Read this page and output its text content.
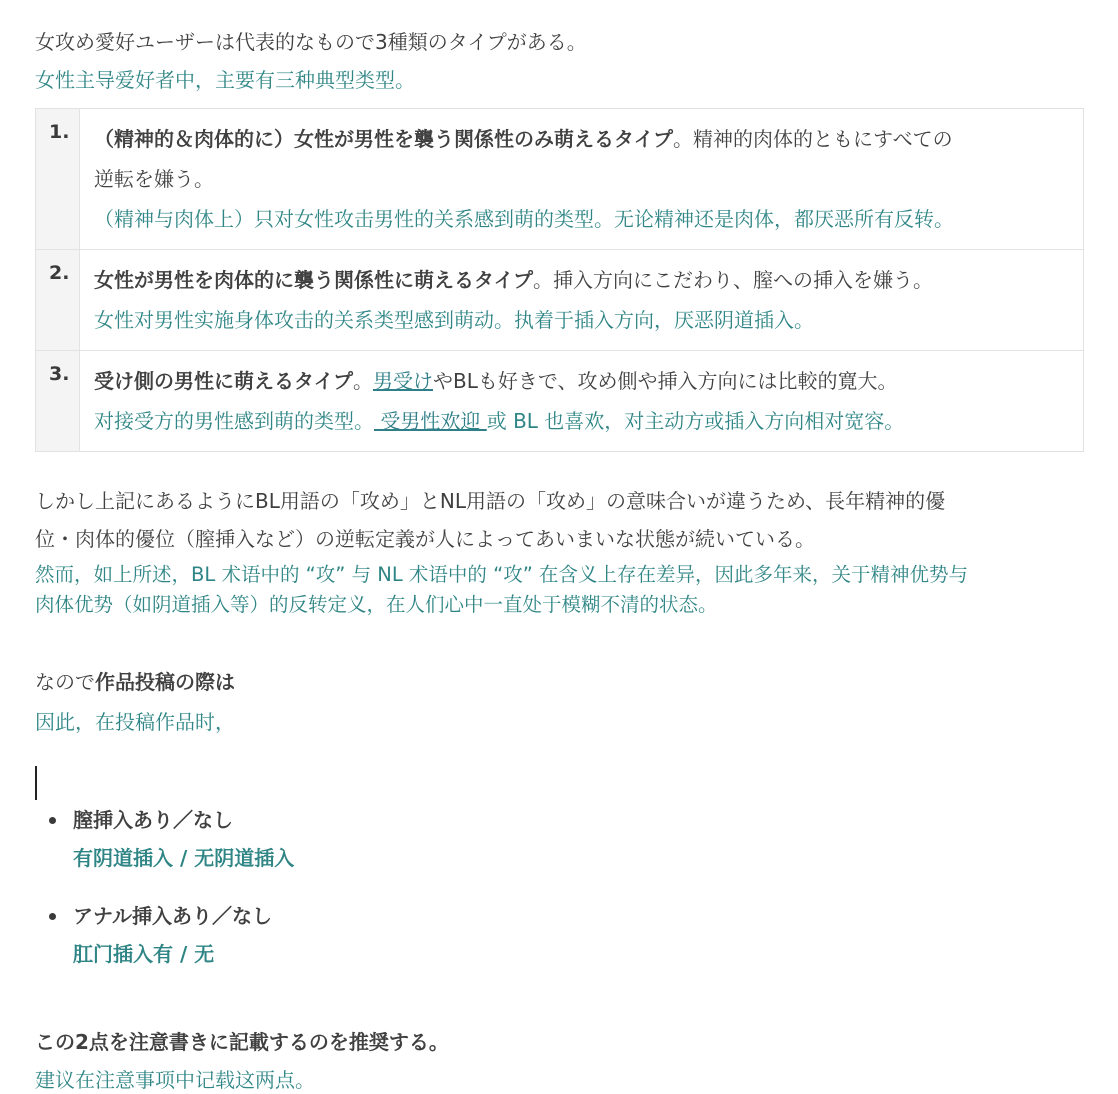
女攻め愛好ユーザーは代表的なもので3種類のタイプがある。

女性主导爱好者中，主要有三种典型类型。

1.	（精神的＆肉体的に）女性が男性を襲う関係性のみ萌えるタイプ。精神的肉体的ともにすべての
逆転を嫌う。
（精神与肉体上）只对女性攻击男性的关系感到萌的类型。无论精神还是肉体，都厌恶所有反转。

2.	女性が男性を肉体的に襲う関係性に萌えるタイプ。挿入方向にこだわり、膣への挿入を嫌う。
女性对男性实施身体攻击的关系类型感到萌动。执着于插入方向，厌恶阴道插入。

3.	受け側の男性に萌えるタイプ。男受けやBLも好きで、攻め側や挿入方向には比較的寛大。
对接受方的男性感到萌的类型。 受男性欢迎 或 BL 也喜欢，对主动方或插入方向相对宽容。
しかし上記にあるようにBL用語の「攻め」とNL用語の「攻め」の意味合いが違うため、長年精神的優
位・肉体的優位（膣挿入など）の逆転定義が人によってあいまいな状態が続いている。
然而，如上所述，BL 术语中的 “攻” 与 NL 术语中的 “攻” 在含义上存在差异，因此多年来，关于精神优势与
肉体优势（如阴道插入等）的反转定义，在人们心中一直处于模糊不清的状态。

なので作品投稿の際は

因此，在投稿作品时，

膣挿入あり／なし
有阴道插入 / 无阴道插入
アナル挿入あり／なし
肛门插入有 / 无

この2点を注意書きに記載するのを推奨する。

建议在注意事项中记载这两点。
